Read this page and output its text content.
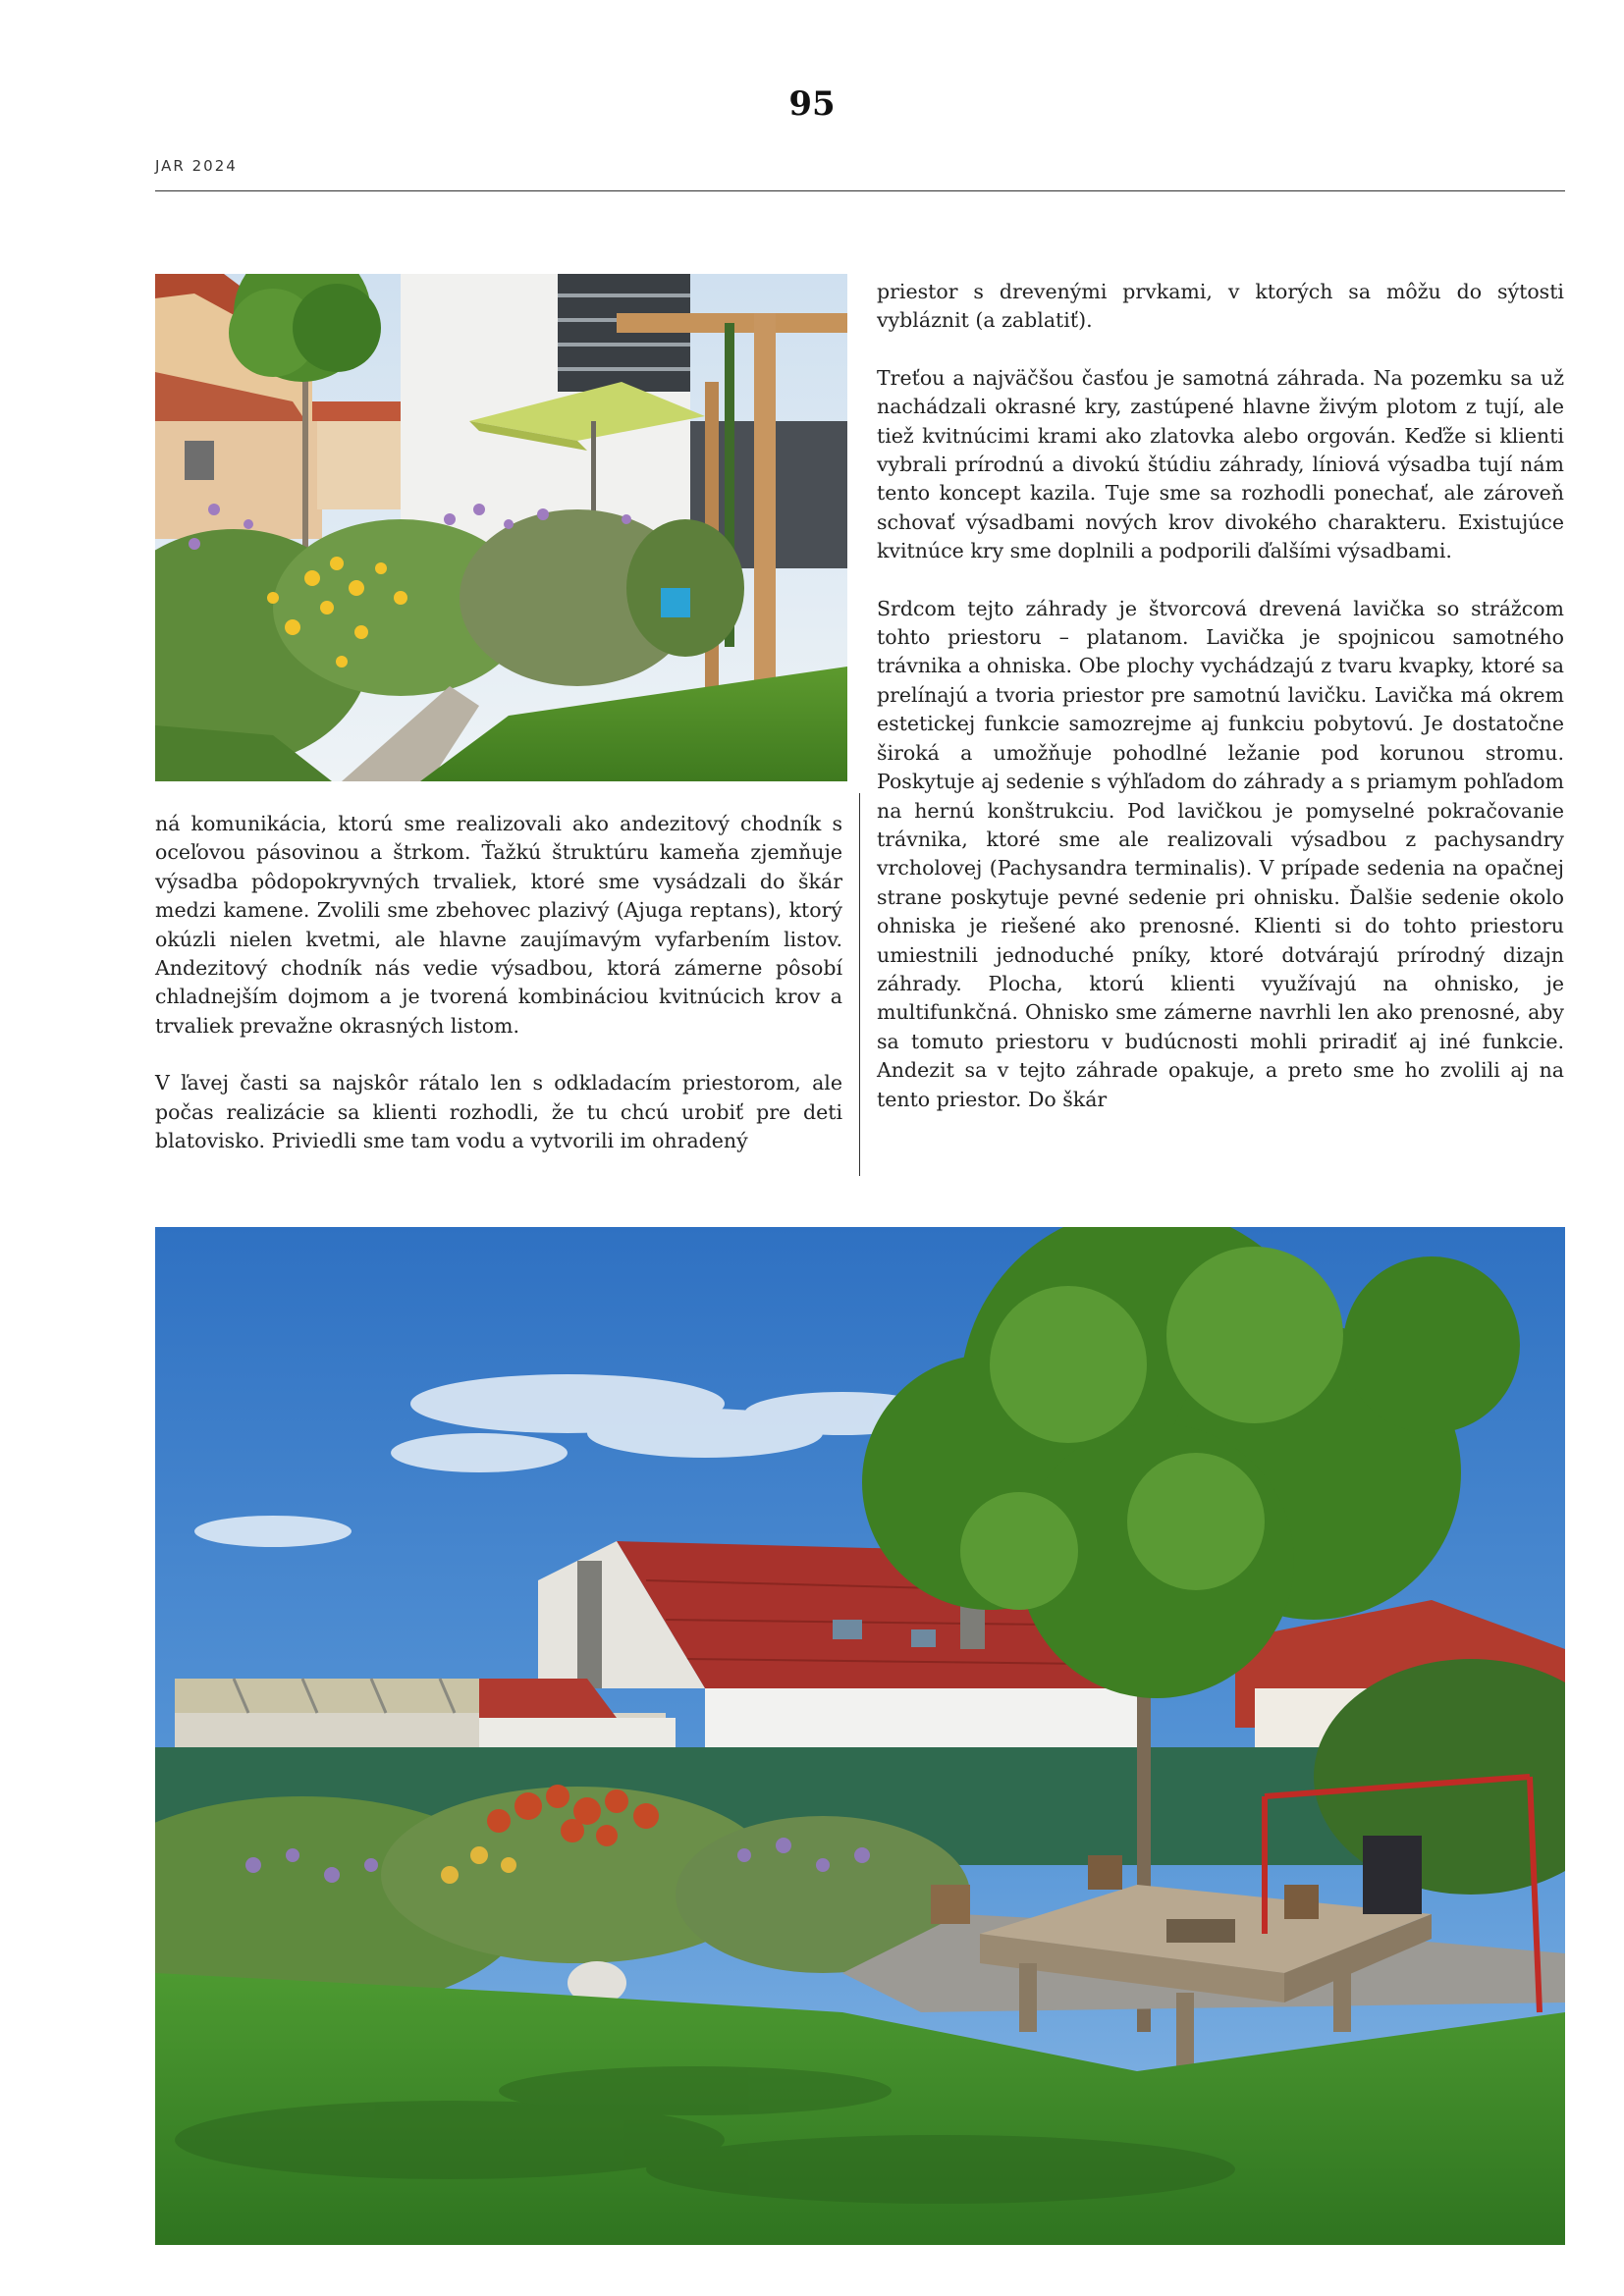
95
JAR 2024

ná komunikácia, ktorú sme realizovali ako andezitový chodník s oceľovou pásovinou a štrkom. Ťažkú štruktúru kameňa zjemňuje výsadba pôdopokryvných trvaliek, ktoré sme vysádzali do škár medzi kamene. Zvolili sme zbehovec plazivý (Ajuga reptans), ktorý okúzli nielen kvetmi, ale hlavne zaujímavým vyfarbením listov. Andezitový chodník nás vedie výsadbou, ktorá zámerne pôsobí chladnejším dojmom a je tvorená kombináciou kvitnúcich krov a trvaliek prevažne okrasných listom.

V ľavej časti sa najskôr rátalo len s odkladacím priestorom, ale počas realizácie sa klienti rozhodli, že tu chcú urobiť pre deti blatovisko. Priviedli sme tam vodu a vytvorili im ohradený

priestor s drevenými prvkami, v ktorých sa môžu do sýtosti vybláznit (a zablatiť).

Treťou a najväčšou časťou je samotná záhrada. Na pozemku sa už nachádzali okrasné kry, zastúpené hlavne živým plotom z tují, ale tiež kvitnúcimi krami ako zlatovka alebo orgován. Keďže si klienti vybrali prírodnú a divokú štúdiu záhrady, líniová výsadba tují nám tento koncept kazila. Tuje sme sa rozhodli ponechať, ale zároveň schovať výsadbami nových krov divokého charakteru. Existujúce kvitnúce kry sme doplnili a podporili ďalšími výsadbami.

Srdcom tejto záhrady je štvorcová drevená lavička so strážcom tohto priestoru – platanom. Lavička je spojnicou samotného trávnika a ohniska. Obe plochy vychádzajú z tvaru kvapky, ktoré sa prelínajú a tvoria priestor pre samotnú lavičku. Lavička má okrem estetickej funkcie samozrejme aj funkciu pobytovú. Je dostatočne široká a umožňuje pohodlné ležanie pod korunou stromu. Poskytuje aj sedenie s výhľadom do záhrady a s priamym pohľadom na hernú konštrukciu. Pod lavičkou je pomyselné pokračovanie trávnika, ktoré sme ale realizovali výsadbou z pachysandry vrcholovej (Pachysandra terminalis). V prípade sedenia na opačnej strane poskytuje pevné sedenie pri ohnisku. Ďalšie sedenie okolo ohniska je riešené ako prenosné. Klienti si do tohto priestoru umiestnili jednoduché pníky, ktoré dotvárajú prírodný dizajn záhrady. Plocha, ktorú klienti využívajú na ohnisko, je multifunkčná. Ohnisko sme zámerne navrhli len ako prenosné, aby sa tomuto priestoru v budúcnosti mohli priradiť aj iné funkcie. Andezit sa v tejto záhrade opakuje, a preto sme ho zvolili aj na tento priestor. Do škár
